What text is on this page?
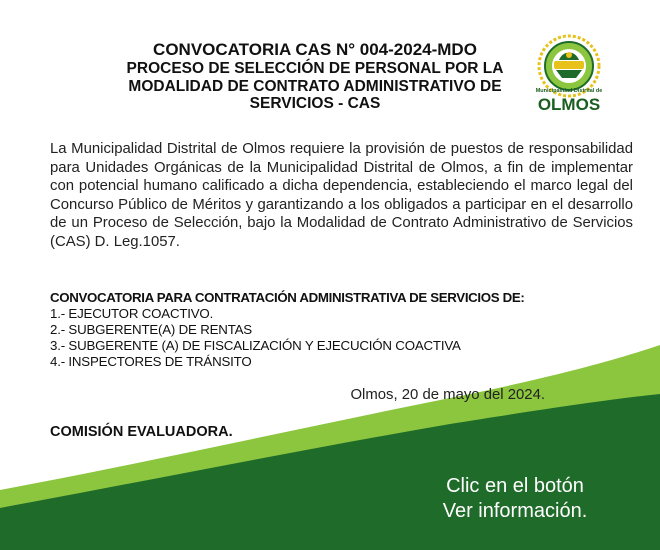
CONVOCATORIA CAS N° 004-2024-MDO
PROCESO DE SELECCIÓN DE PERSONAL POR LA
MODALIDAD DE CONTRATO ADMINISTRATIVO DE
SERVICIOS - CAS
Municipalidad Distrital de
OLMOS

La Municipalidad Distrital de Olmos requiere la provisión de puestos de responsabilidad para Unidades Orgánicas de la Municipalidad Distrital de Olmos, a fin de implementar con potencial humano calificado a dicha dependencia, estableciendo el marco legal del Concurso Público de Méritos y garantizando a los obligados a participar en el desarrollo de un Proceso de Selección, bajo la Modalidad de Contrato Administrativo de Servicios (CAS) D. Leg.1057.

CONVOCATORIA PARA CONTRATACIÓN ADMINISTRATIVA DE SERVICIOS DE:
1.- EJECUTOR COACTIVO.
2.- SUBGERENTE(A) DE RENTAS
3.- SUBGERENTE (A) DE FISCALIZACIÓN Y EJECUCIÓN COACTIVA
4.- INSPECTORES DE TRÁNSITO
Olmos, 20 de mayo del 2024.
COMISIÓN EVALUADORA.
Clic en el botón
Ver información.
